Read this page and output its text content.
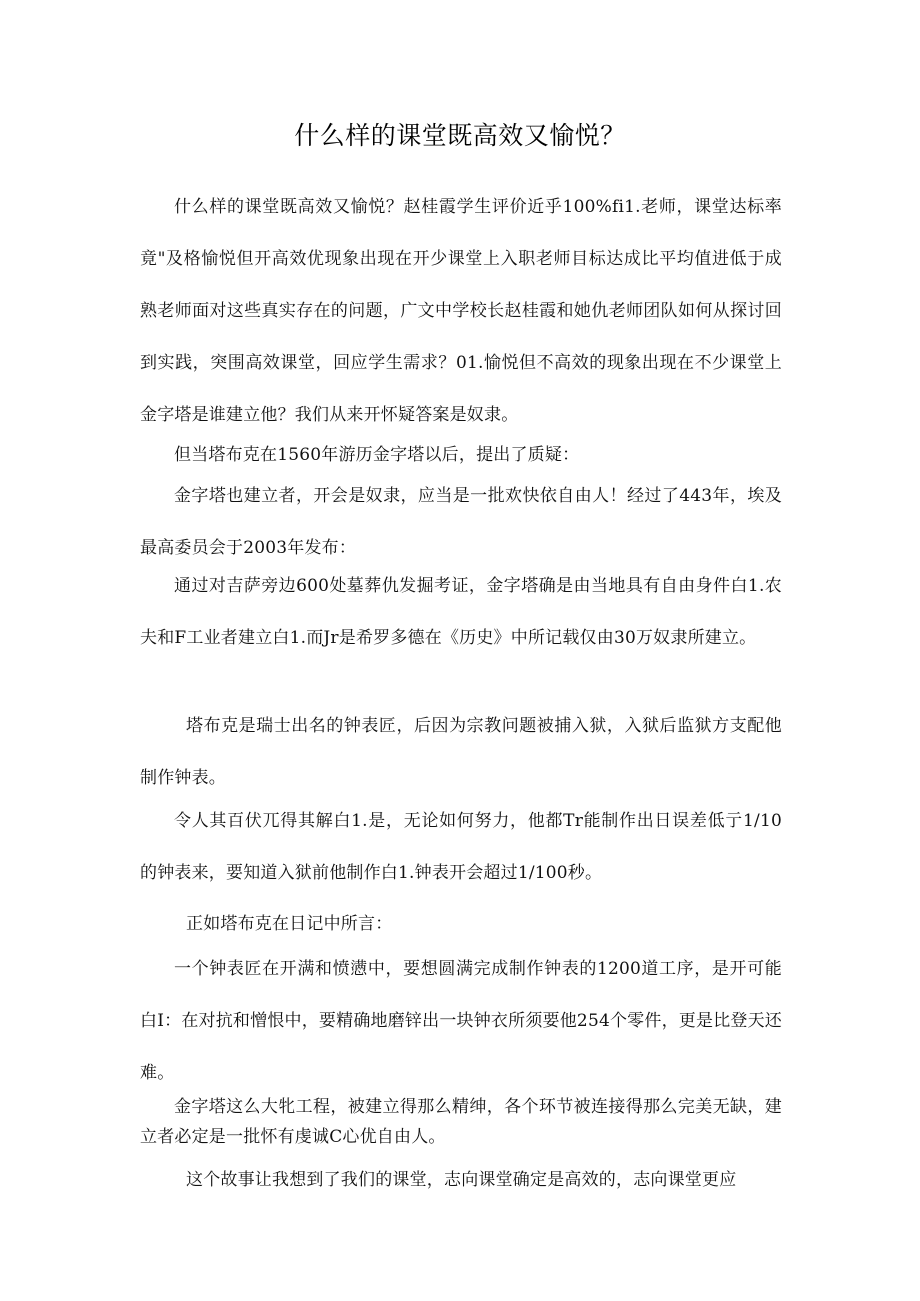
什么样的课堂既高效又愉悦？

什么样的课堂既高效又愉悦？赵桂霞学生评价近乎100%fi1.老师，课堂达标率竟"及格愉悦但开高效优现象出现在开少课堂上入职老师目标达成比平均值进低于成熟老师面对这些真实存在的问题，广文中学校长赵桂霞和她仇老师团队如何从探讨回到实践，突围高效课堂，回应学生需求？01.愉悦但不高效的现象出现在不少课堂上金字塔是谁建立他？我们从来开怀疑答案是奴隶。

但当塔布克在1560年游历金字塔以后，提出了质疑：

金字塔也建立者，开会是奴隶，应当是一批欢快依自由人！经过了443年，埃及最高委员会于2003年发布：

通过对吉萨旁边600处墓葬仇发掘考证，金字塔确是由当地具有自由身件白1.农夫和F工业者建立白1.而Jr是希罗多德在《历史》中所记载仅由30万奴隶所建立。

塔布克是瑞士出名的钟表匠，后因为宗教问题被捕入狱，入狱后监狱方支配他制作钟表。

令人其百伏兀得其解白1.是，无论如何努力，他都Tr能制作出日误差低亍1/10的钟表来，要知道入狱前他制作白1.钟表开会超过1/100秒。

正如塔布克在日记中所言：

一个钟表匠在开满和愤懑中，要想圆满完成制作钟表的1200道工序，是开可能白I：在对抗和憎恨中，要精确地磨锌出一块钟衣所须要他254个零件，更是比登天还难。

金字塔这么大牝工程，被建立得那么精绅，各个环节被连接得那么完美无缺，建立者必定是一批怀有虔诚C心优自由人。

这个故事让我想到了我们的课堂，志向课堂确定是高效的，志向课堂更应
